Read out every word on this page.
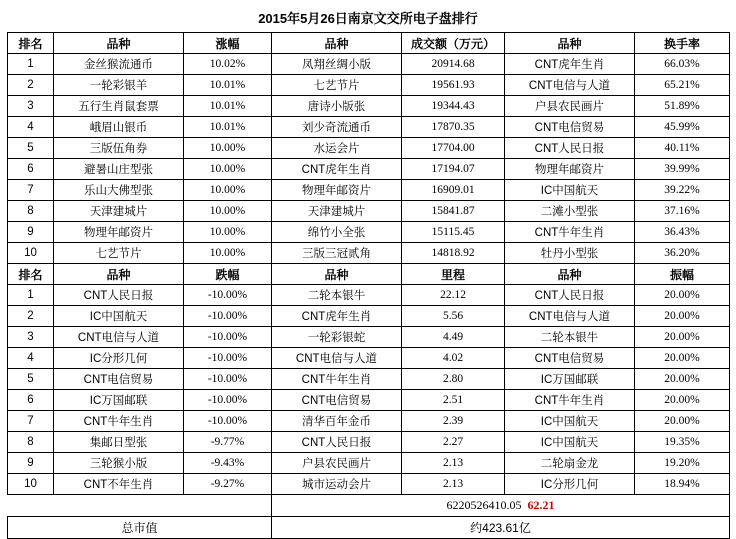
2015年5月26日南京文交所电子盘排行
排名	品种	涨幅	品种	成交额（万元）	品种	换手率
1	金丝猴流通币	10.02%	凤翔丝绸小版	20914.68	CNT虎年生肖	66.03%
2	一轮彩银羊	10.01%	七艺节片	19561.93	CNT电信与人道	65.21%
3	五行生肖鼠套票	10.01%	唐诗小版张	19344.43	户县农民画片	51.89%
4	峨眉山银币	10.01%	刘少奇流通币	17870.35	CNT电信贸易	45.99%
5	三版伍角券	10.00%	水运会片	17704.00	CNT人民日报	40.11%
6	避暑山庄型张	10.00%	CNT虎年生肖	17194.07	物理年邮资片	39.99%
7	乐山大佛型张	10.00%	物理年邮资片	16909.01	IC中国航天	39.22%
8	天津建城片	10.00%	天津建城片	15841.87	二滩小型张	37.16%
9	物理年邮资片	10.00%	绵竹小全张	15115.45	CNT牛年生肖	36.43%
10	七艺节片	10.00%	三版三冠贰角	14818.92	牡丹小型张	36.20%
排名	品种	跌幅	品种	里程	品种	振幅
1	CNT人民日报	-10.00%	二轮本银牛	22.12	CNT人民日报	20.00%
2	IC中国航天	-10.00%	CNT虎年生肖	5.56	CNT电信与人道	20.00%
3	CNT电信与人道	-10.00%	一轮彩银蛇	4.49	二轮本银牛	20.00%
4	IC分形几何	-10.00%	CNT电信与人道	4.02	CNT电信贸易	20.00%
5	CNT电信贸易	-10.00%	CNT牛年生肖	2.80	IC万国邮联	20.00%
6	IC万国邮联	-10.00%	CNT电信贸易	2.51	CNT牛年生肖	20.00%
7	CNT牛年生肖	-10.00%	清华百年金币	2.39	IC中国航天	20.00%
8	集邮日型张	-9.77%	CNT人民日报	2.27	IC中国航天	19.35%
9	三轮猴小版	-9.43%	户县农民画片	2.13	二轮扇金龙	19.20%
10	CNT不年生肖	-9.27%	城市运动会片	2.13	IC分形几何	18.94%
	6220526410.05 62.21
总市值	约423.61亿
